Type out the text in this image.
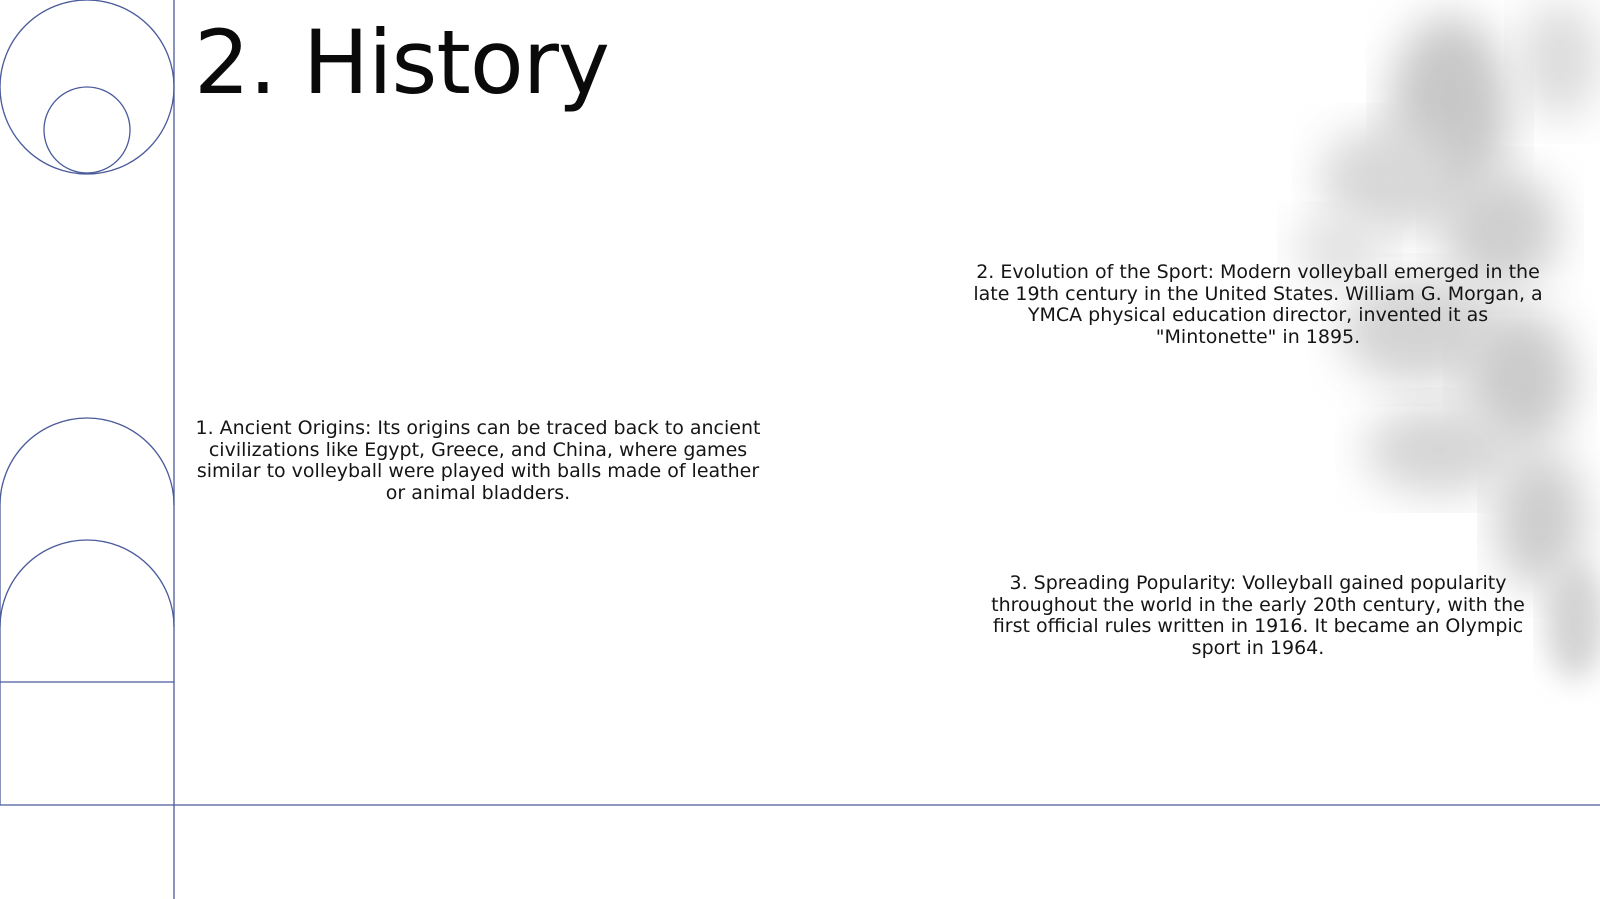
2. History

1. Ancient Origins: Its origins can be traced back to ancient civilizations like Egypt, Greece, and China, where games similar to volleyball were played with balls made of leather or animal bladders.

2. Evolution of the Sport: Modern volleyball emerged in the late 19th century in the United States. William G. Morgan, a YMCA physical education director, invented it as "Mintonette" in 1895.

3. Spreading Popularity: Volleyball gained popularity throughout the world in the early 20th century, with the first official rules written in 1916. It became an Olympic sport in 1964.
